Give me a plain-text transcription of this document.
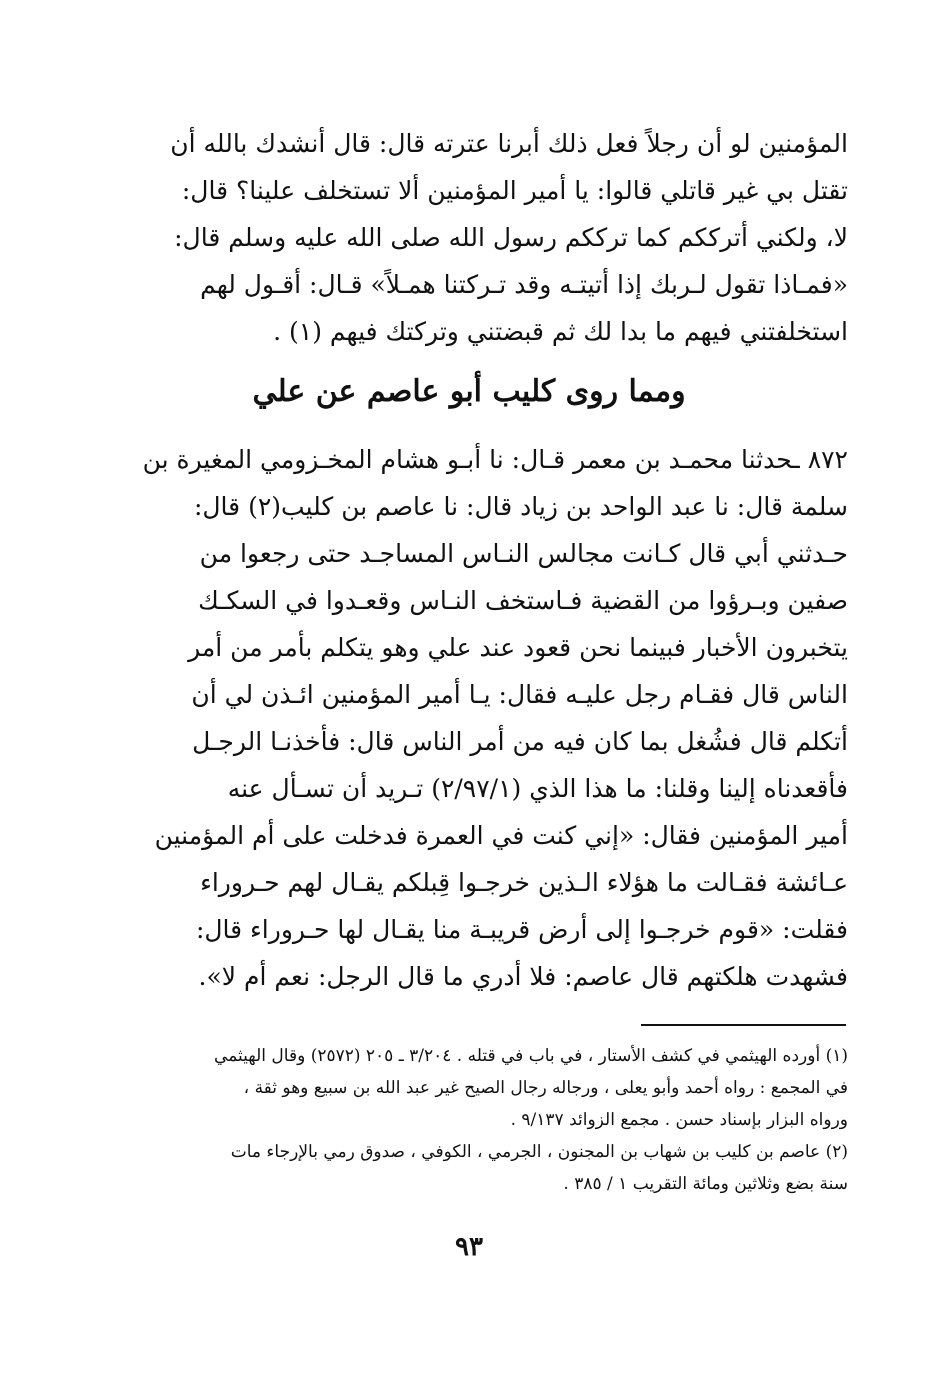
المؤمنين لو أن رجلاً فعل ذلك أبرنا عترته قال: قال أنشدك بالله أن
تقتل بي غير قاتلي قالوا: يا أمير المؤمنين ألا تستخلف علينا؟ قال:
لا، ولكني أترككم كما ترككم رسول الله صلى الله عليه وسلم قال:
«فمـاذا تقول لـربك إذا أتيتـه وقد تـركتنا همـلاً» قـال: أقـول لهم
استخلفتني فيهم ما بدا لك ثم قبضتني وتركتك فيهم (١) .
ومما روى كليب أبو عاصم عن علي
٨٧٢ ـحدثنا محمـد بن معمر قـال: نا أبـو هشام المخـزومي المغيرة بن
سلمة قال: نا عبد الواحد بن زياد قال: نا عاصم بن كليب(٢) قال:
حـدثني أبي قال كـانت مجالس النـاس المساجـد حتى رجعوا من
صفين وبـرؤوا من القضية فـاستخف النـاس وقعـدوا في السكـك
يتخبرون الأخبار فبينما نحن قعود عند علي وهو يتكلم بأمر من أمر
الناس قال فقـام رجل عليـه فقال: يـا أمير المؤمنين ائـذن لي أن
أتكلم قال فشُغل بما كان فيه من أمر الناس قال: فأخذنـا الرجـل
فأقعدناه إلينا وقلنا: ما هذا الذي (٢/٩٧/١) تـريد أن تسـأل عنه
أمير المؤمنين فقال: «إني كنت في العمرة فدخلت على أم المؤمنين
عـائشة فقـالت ما هؤلاء الـذين خرجـوا قِبلكم يقـال لهم حـروراء
فقلت: «قوم خرجـوا إلى أرض قريبـة منا يقـال لها حـروراء قال:
فشهدت هلكتهم قال عاصم: فلا أدري ما قال الرجل: نعم أم لا».
(١) أورده الهيثمي في كشف الأستار ، في باب في قتله . ٣/٢٠٤ ـ ٢٠٥ (٢٥٧٢) وقال الهيثمي
في المجمع : رواه أحمد وأبو يعلى ، ورجاله رجال الصيح غير عبد الله بن سبيع وهو ثقة ،
ورواه البزار بإسناد حسن . مجمع الزوائد ٩/١٣٧ .
(٢) عاصم بن كليب بن شهاب بن المجنون ، الجرمي ، الكوفي ، صدوق رمي بالإرجاء مات
سنة بضع وثلاثين ومائة التقريب ١ / ٣٨٥ .
٩٣
